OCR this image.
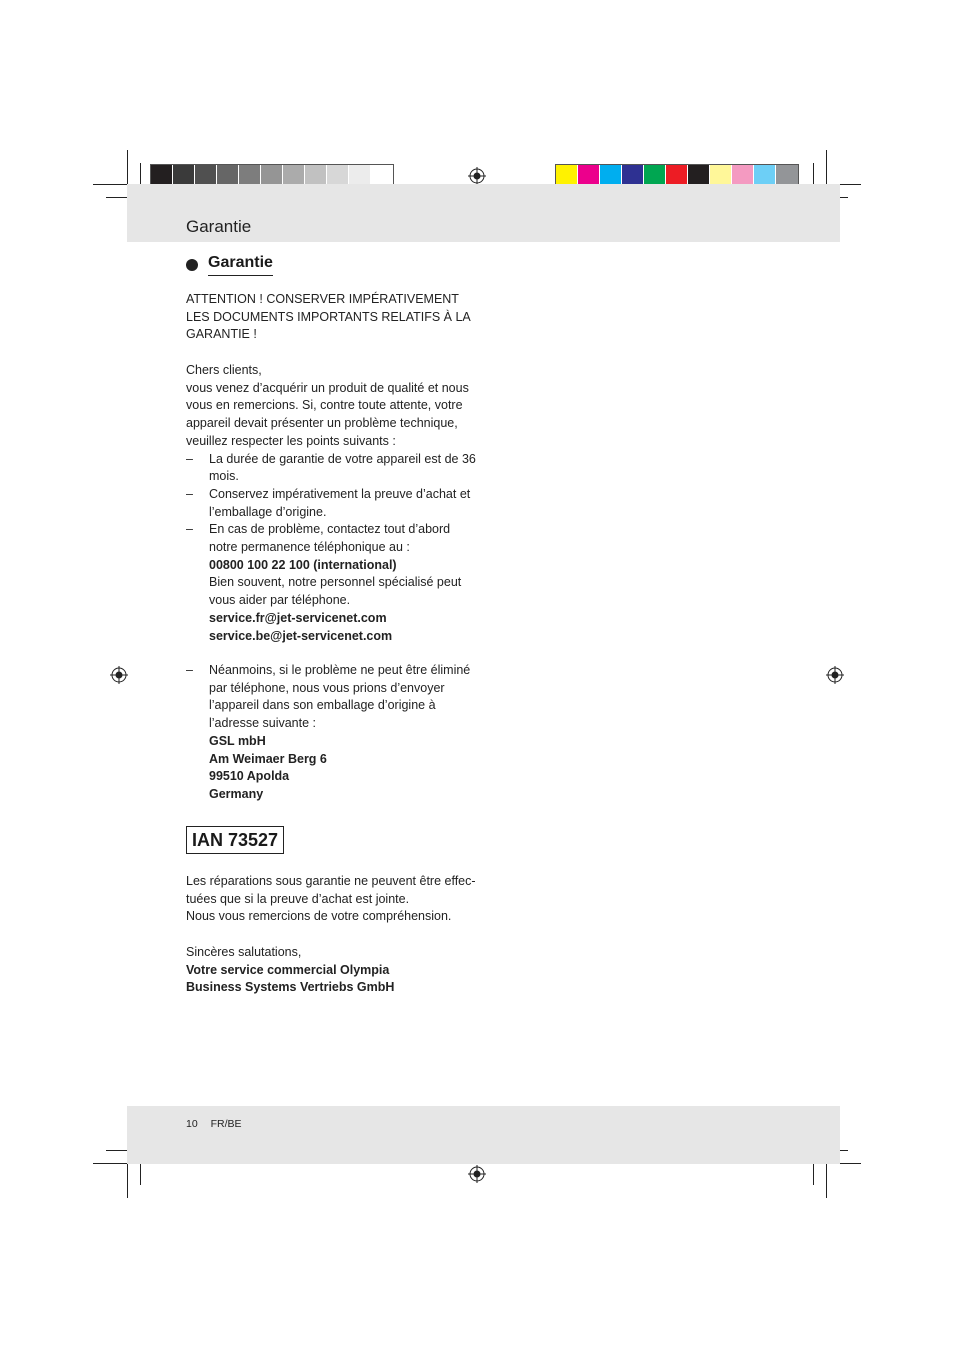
Garantie
Garantie

ATTENTION ! CONSERVER IMPÉRATIVEMENT LES DOCUMENTS IMPORTANTS RELATIFS À LA GARANTIE !

Chers clients,

vous venez d’acquérir un produit de qualité et nous vous en remercions. Si, contre toute attente, votre appareil devait présenter un problème technique, veuillez respecter les points suivants :

–	La durée de garantie de votre appareil est de 36 mois.
–	Conservez impérativement la preuve d’achat et l’emballage d’origine.
–	En cas de problème, contactez tout d’abord notre permanence téléphonique au :

00800 100 22 100 (international)

Bien souvent, notre personnel spécialisé peut vous aider par téléphone.

service.fr@jet-servicenet.com

service.be@jet-servicenet.com

–	Néanmoins, si le problème ne peut être éliminé par téléphone, nous vous prions d’envoyer l’appareil dans son emballage d’origine à l’adresse suivante :

GSL mbH

Am Weimaer Berg 6

99510 Apolda

Germany

IAN 73527

Les réparations sous garantie ne peuvent être effec-

tuées que si la preuve d’achat est jointe.

Nous vous remercions de votre compréhension.

Sincères salutations,

Votre service commercial Olympia

Business Systems Vertriebs GmbH

10 FR/BE
